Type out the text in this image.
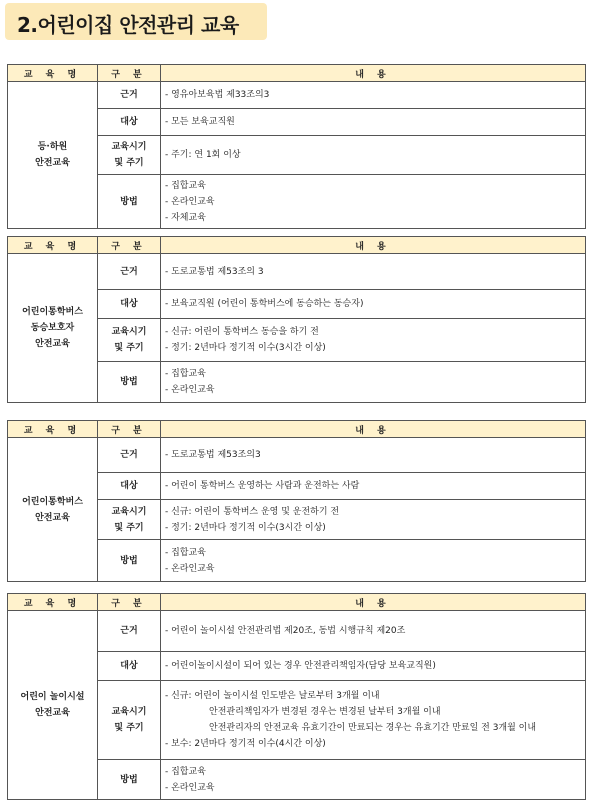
2.어린이집 안전관리 교육
교 육 명	구 분	내 용

등·하원
안전교육	근거	- 영유아보육법 제33조의3

	대상	- 모든 보육교직원

	교육시기
및 주기	- 주기: 연 1회 이상

	방법	- 집합교육
- 온라인교육
- 자체교육
교 육 명	구 분	내 용

어린이통학버스
동승보호자
안전교육	근거	- 도로교통법 제53조의 3

	대상	- 보육교직원 (어린이 통학버스에 동승하는 동승자)

	교육시기
및 주기	- 신규: 어린이 통학버스 동승을 하기 전
- 정기: 2년마다 정기적 이수(3시간 이상)

	방법	- 집합교육
- 온라인교육
교 육 명	구 분	내 용

어린이통학버스
안전교육	근거	- 도로교통법 제53조의3

	대상	- 어린이 통학버스 운영하는 사람과 운전하는 사람

	교육시기
및 주기	- 신규: 어린이 통학버스 운영 및 운전하기 전
- 정기: 2년마다 정기적 이수(3시간 이상)

	방법	- 집합교육
- 온라인교육
교 육 명	구 분	내 용

어린이 놀이시설
안전교육	근거	- 어린이 놀이시설 안전관리법 제20조, 동법 시행규칙 제20조

	대상	- 어린이놀이시설이 되어 있는 경우 안전관리책임자(담당 보육교직원)

	교육시기
및 주기	- 신규: 어린이 놀이시설 인도받은 날로부터 3개월 이내
안전관리책임자가 변경된 경우는 변경된 날부터 3개월 이내
안전관리자의 안전교육 유효기간이 만료되는 경우는 유효기간 만료일 전 3개월 이내
- 보수: 2년마다 정기적 이수(4시간 이상)

	방법	- 집합교육
- 온라인교육
